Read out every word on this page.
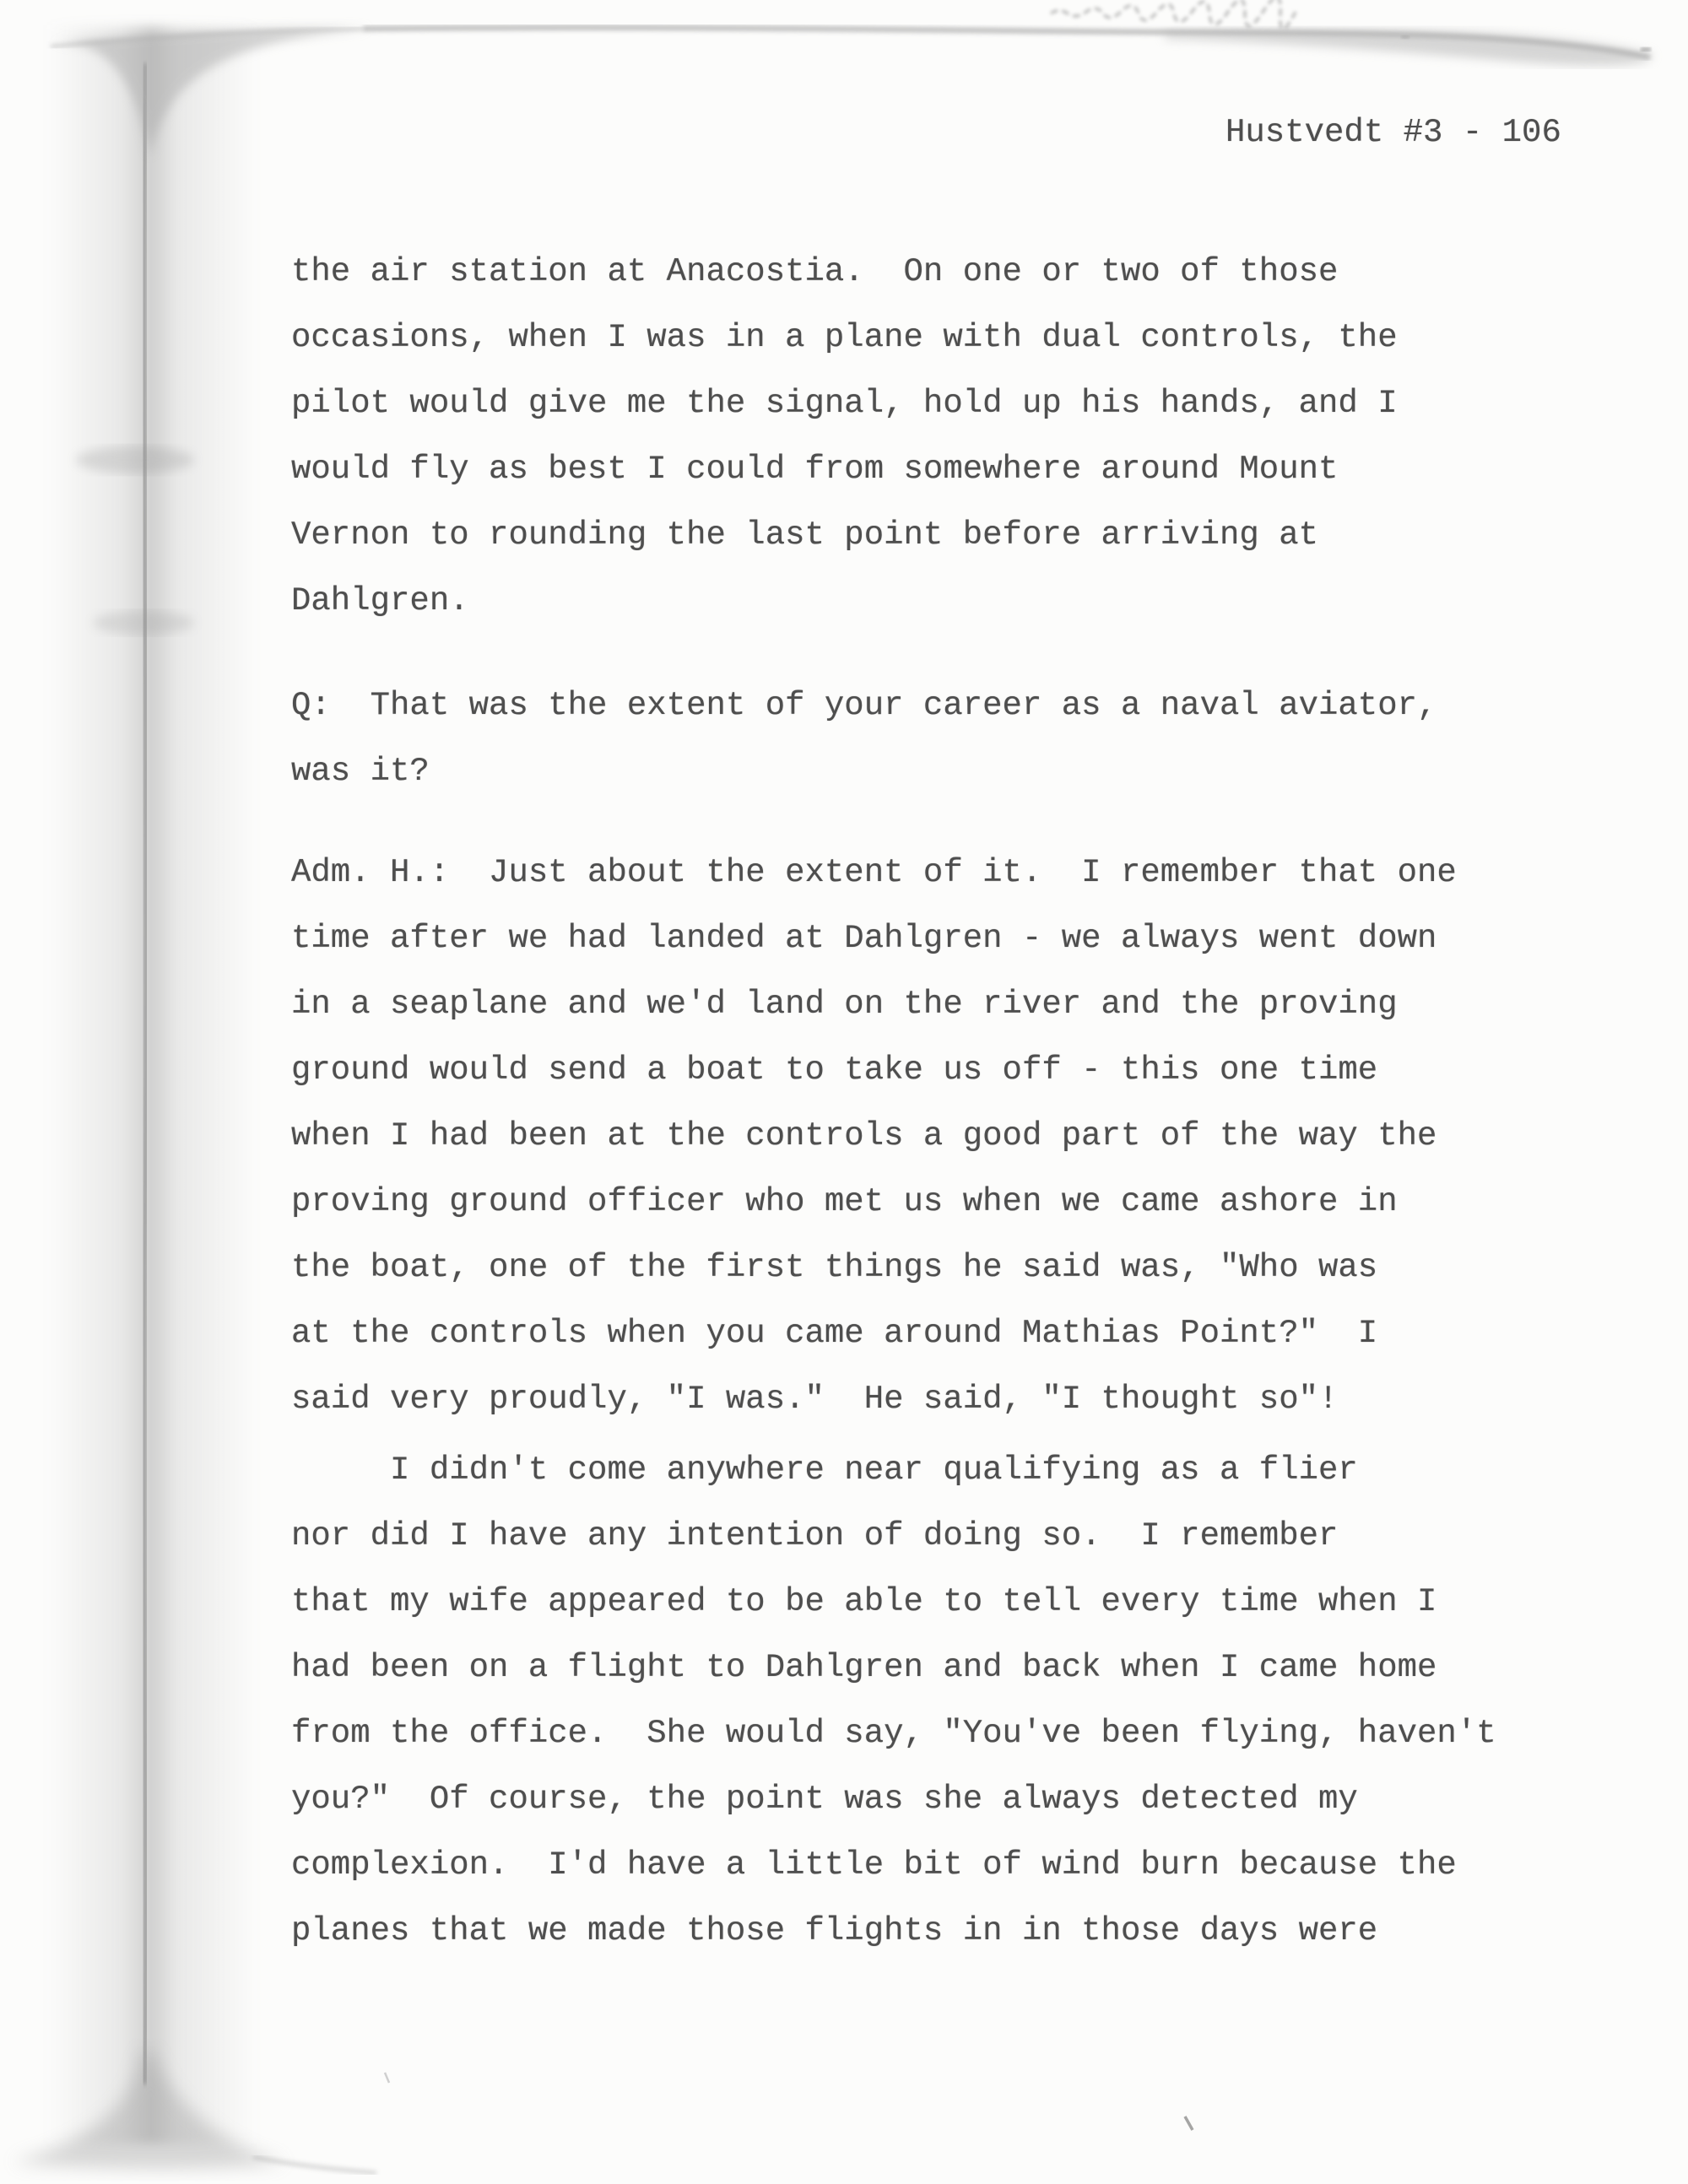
Hustvedt #3 - 106
the air station at Anacostia.  On one or two of those
occasions, when I was in a plane with dual controls, the
pilot would give me the signal, hold up his hands, and I
would fly as best I could from somewhere around Mount
Vernon to rounding the last point before arriving at
Dahlgren.
Q:  That was the extent of your career as a naval aviator,
was it?
Adm. H.:  Just about the extent of it.  I remember that one
time after we had landed at Dahlgren - we always went down
in a seaplane and we'd land on the river and the proving
ground would send a boat to take us off - this one time
when I had been at the controls a good part of the way the
proving ground officer who met us when we came ashore in
the boat, one of the first things he said was, "Who was
at the controls when you came around Mathias Point?"  I
said very proudly, "I was."  He said, "I thought so"!
I didn't come anywhere near qualifying as a flier
nor did I have any intention of doing so.  I remember
that my wife appeared to be able to tell every time when I
had been on a flight to Dahlgren and back when I came home
from the office.  She would say, "You've been flying, haven't
you?"  Of course, the point was she always detected my
complexion.  I'd have a little bit of wind burn because the
planes that we made those flights in in those days were
